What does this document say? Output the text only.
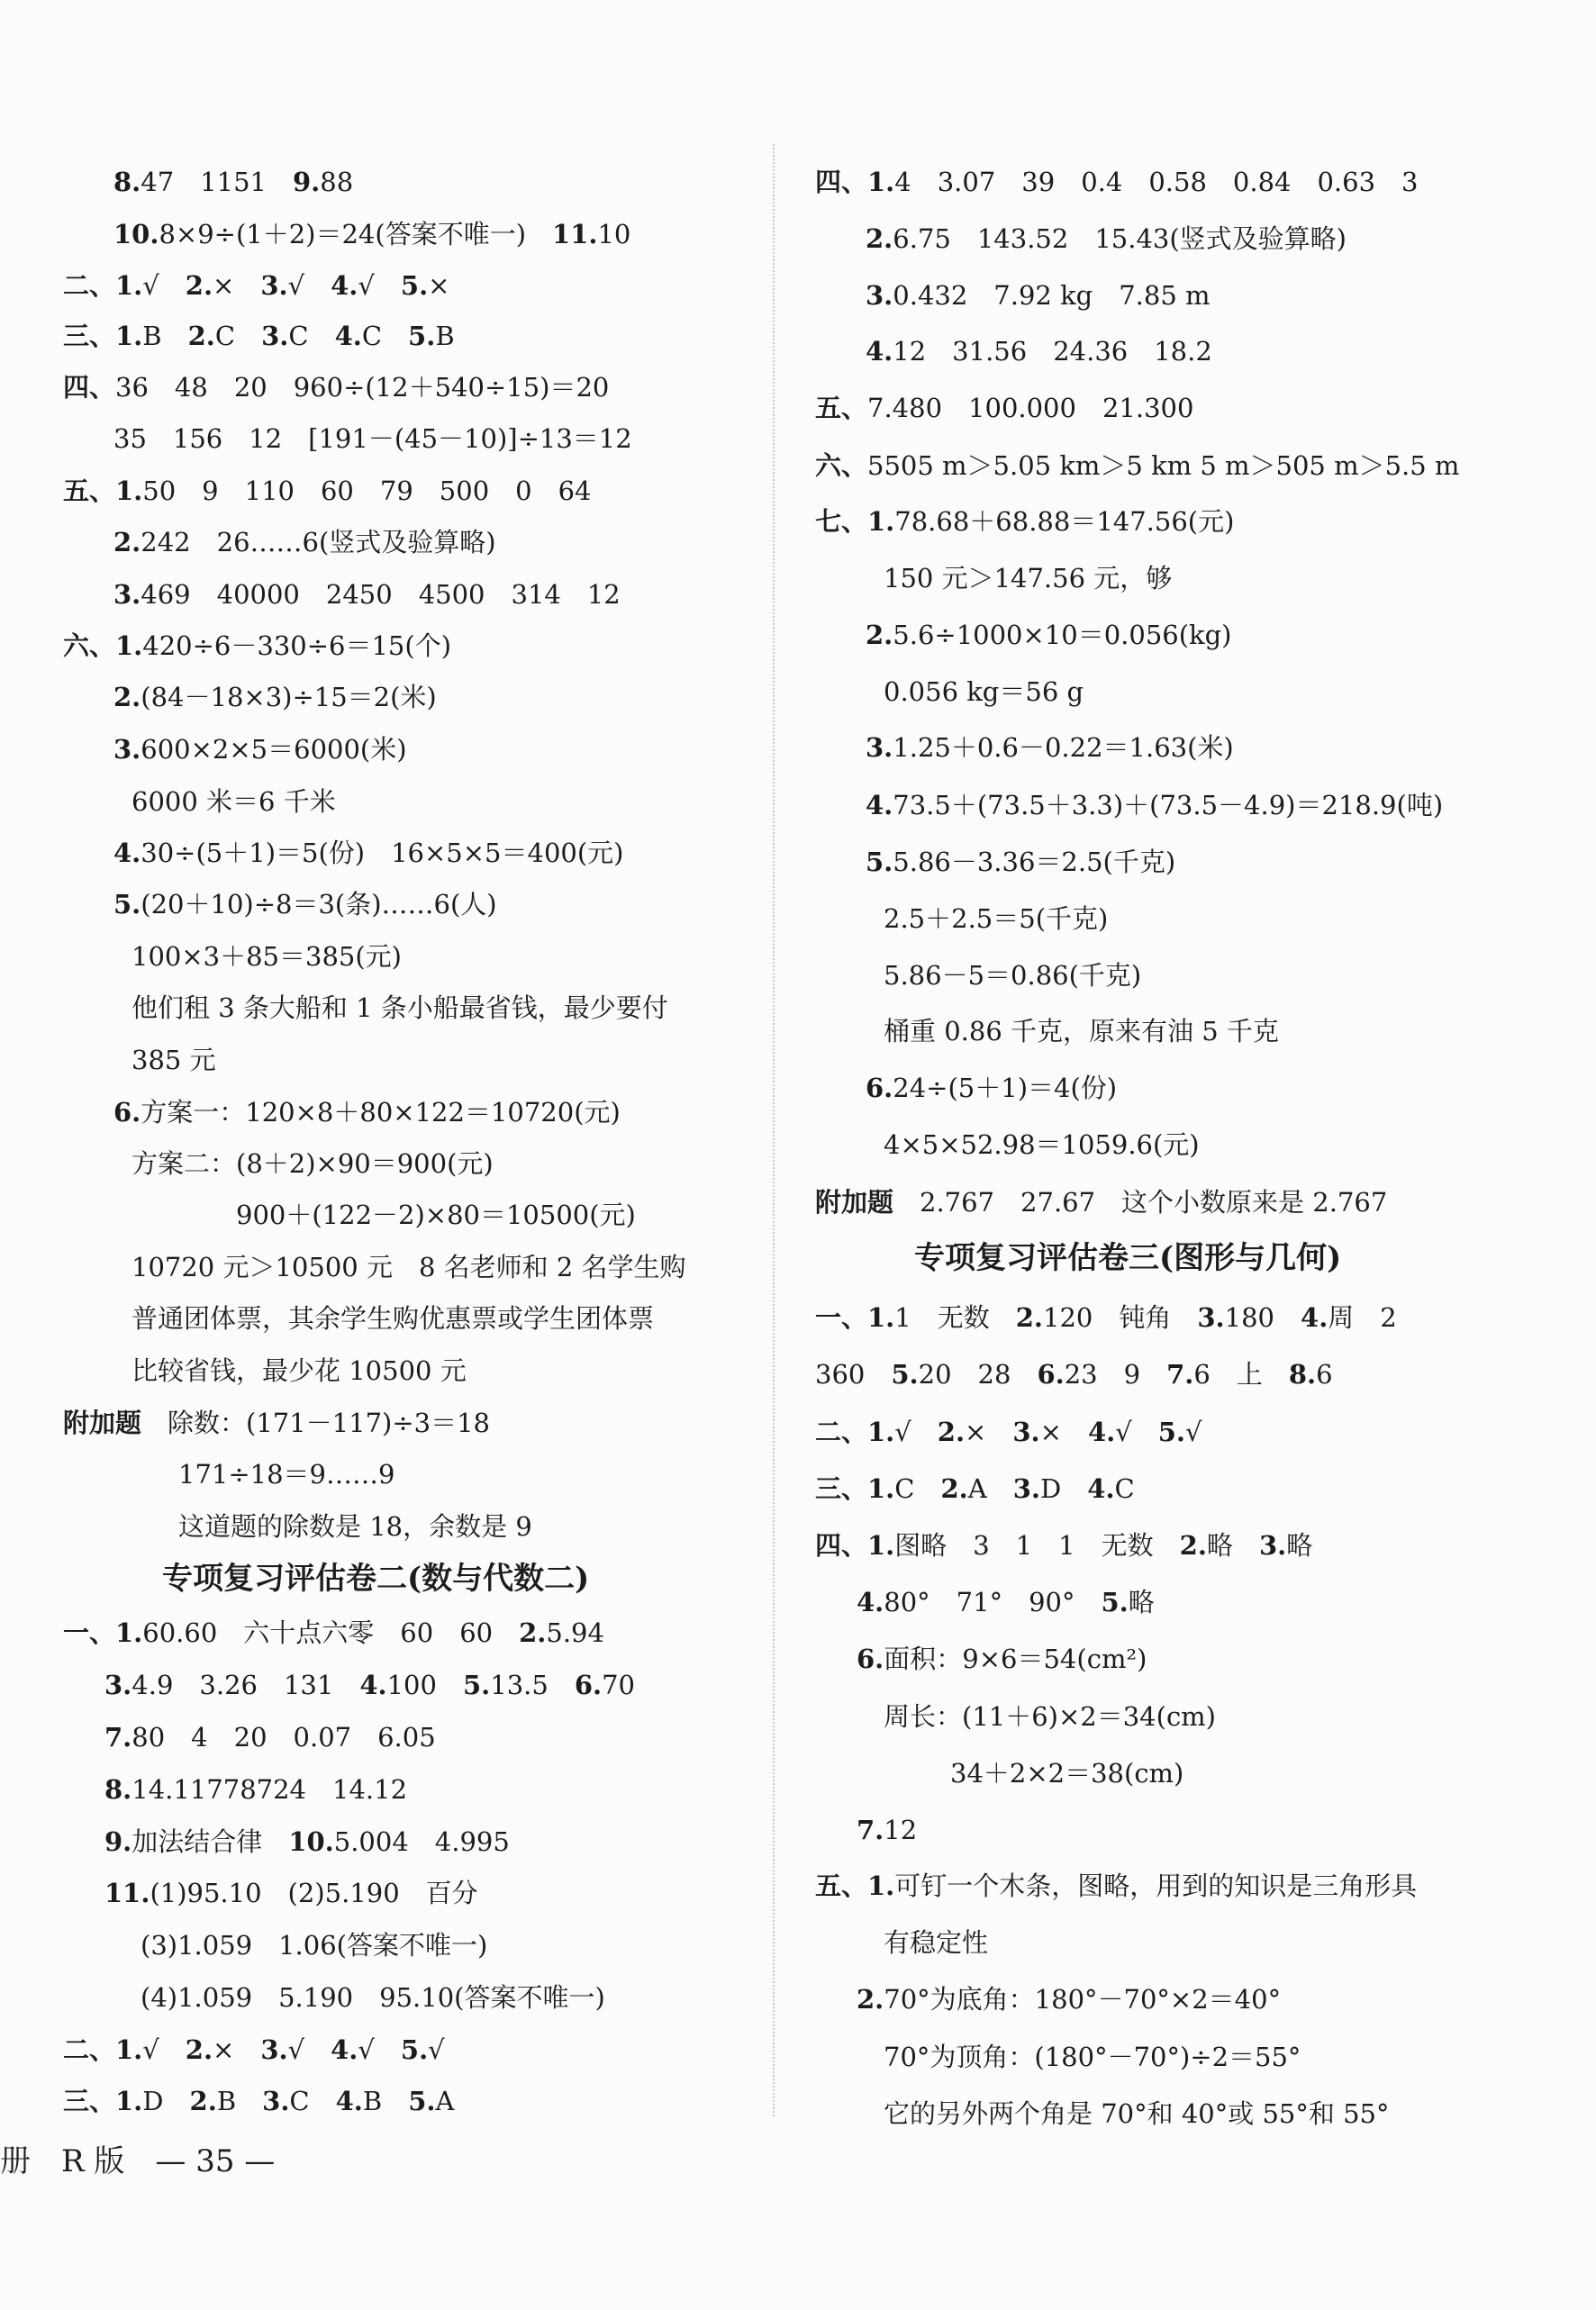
8.47　1151　9.88
10.8×9÷(1＋2)＝24(答案不唯一)　11.10
二、1.√　2.×　3.√　4.√　5.×
三、1.B　2.C　3.C　4.C　5.B
四、36　48　20　960÷(12＋540÷15)＝20
35　156　12　[191－(45－10)]÷13＝12
五、1.50　9　110　60　79　500　0　64
2.242　26……6(竖式及验算略)
3.469　40000　2450　4500　314　12
六、1.420÷6－330÷6＝15(个)
2.(84－18×3)÷15＝2(米)
3.600×2×5＝6000(米)
6000 米＝6 千米
4.30÷(5＋1)＝5(份)　16×5×5＝400(元)
5.(20＋10)÷8＝3(条)……6(人)
100×3＋85＝385(元)
他们租 3 条大船和 1 条小船最省钱，最少要付
385 元
6.方案一：120×8＋80×122＝10720(元)
方案二：(8＋2)×90＝900(元)
900＋(122－2)×80＝10500(元)
10720 元＞10500 元　8 名老师和 2 名学生购
普通团体票，其余学生购优惠票或学生团体票
比较省钱，最少花 10500 元
附加题　除数：(171－117)÷3＝18
171÷18＝9……9
这道题的除数是 18，余数是 9
专项复习评估卷二(数与代数二)
一、1.60.60　六十点六零　60　60　2.5.94
3.4.9　3.26　131　4.100　5.13.5　6.70
7.80　4　20　0.07　6.05
8.14.11778724　14.12
9.加法结合律　10.5.004　4.995
11.(1)95.10　(2)5.190　百分
(3)1.059　1.06(答案不唯一)
(4)1.059　5.190　95.10(答案不唯一)
二、1.√　2.×　3.√　4.√　5.√
三、1.D　2.B　3.C　4.B　5.A
四、1.4　3.07　39　0.4　0.58　0.84　0.63　3
2.6.75　143.52　15.43(竖式及验算略)
3.0.432　7.92 kg　7.85 m
4.12　31.56　24.36　18.2
五、7.480　100.000　21.300
六、5505 m＞5.05 km＞5 km 5 m＞505 m＞5.5 m
七、1.78.68＋68.88＝147.56(元)
150 元＞147.56 元，够
2.5.6÷1000×10＝0.056(kg)
0.056 kg＝56 g
3.1.25＋0.6－0.22＝1.63(米)
4.73.5＋(73.5＋3.3)＋(73.5－4.9)＝218.9(吨)
5.5.86－3.36＝2.5(千克)
2.5＋2.5＝5(千克)
5.86－5＝0.86(千克)
桶重 0.86 千克，原来有油 5 千克
6.24÷(5＋1)＝4(份)
4×5×52.98＝1059.6(元)
附加题　2.767　27.67　这个小数原来是 2.767
专项复习评估卷三(图形与几何)
一、1.1　无数　2.120　钝角　3.180　4.周　2
360　5.20　28　6.23　9　7.6　上　8.6
二、1.√　2.×　3.×　4.√　5.√
三、1.C　2.A　3.D　4.C
四、1.图略　3　1　1　无数　2.略　3.略
4.80°　71°　90°　5.略
6.面积：9×6＝54(cm²)
周长：(11＋6)×2＝34(cm)
34＋2×2＝38(cm)
7.12
五、1.可钉一个木条，图略，用到的知识是三角形具
有稳定性
2.70°为底角：180°－70°×2＝40°
70°为顶角：(180°－70°)÷2＝55°
它的另外两个角是 70°和 40°或 55°和 55°
册　R 版　— 35 —
